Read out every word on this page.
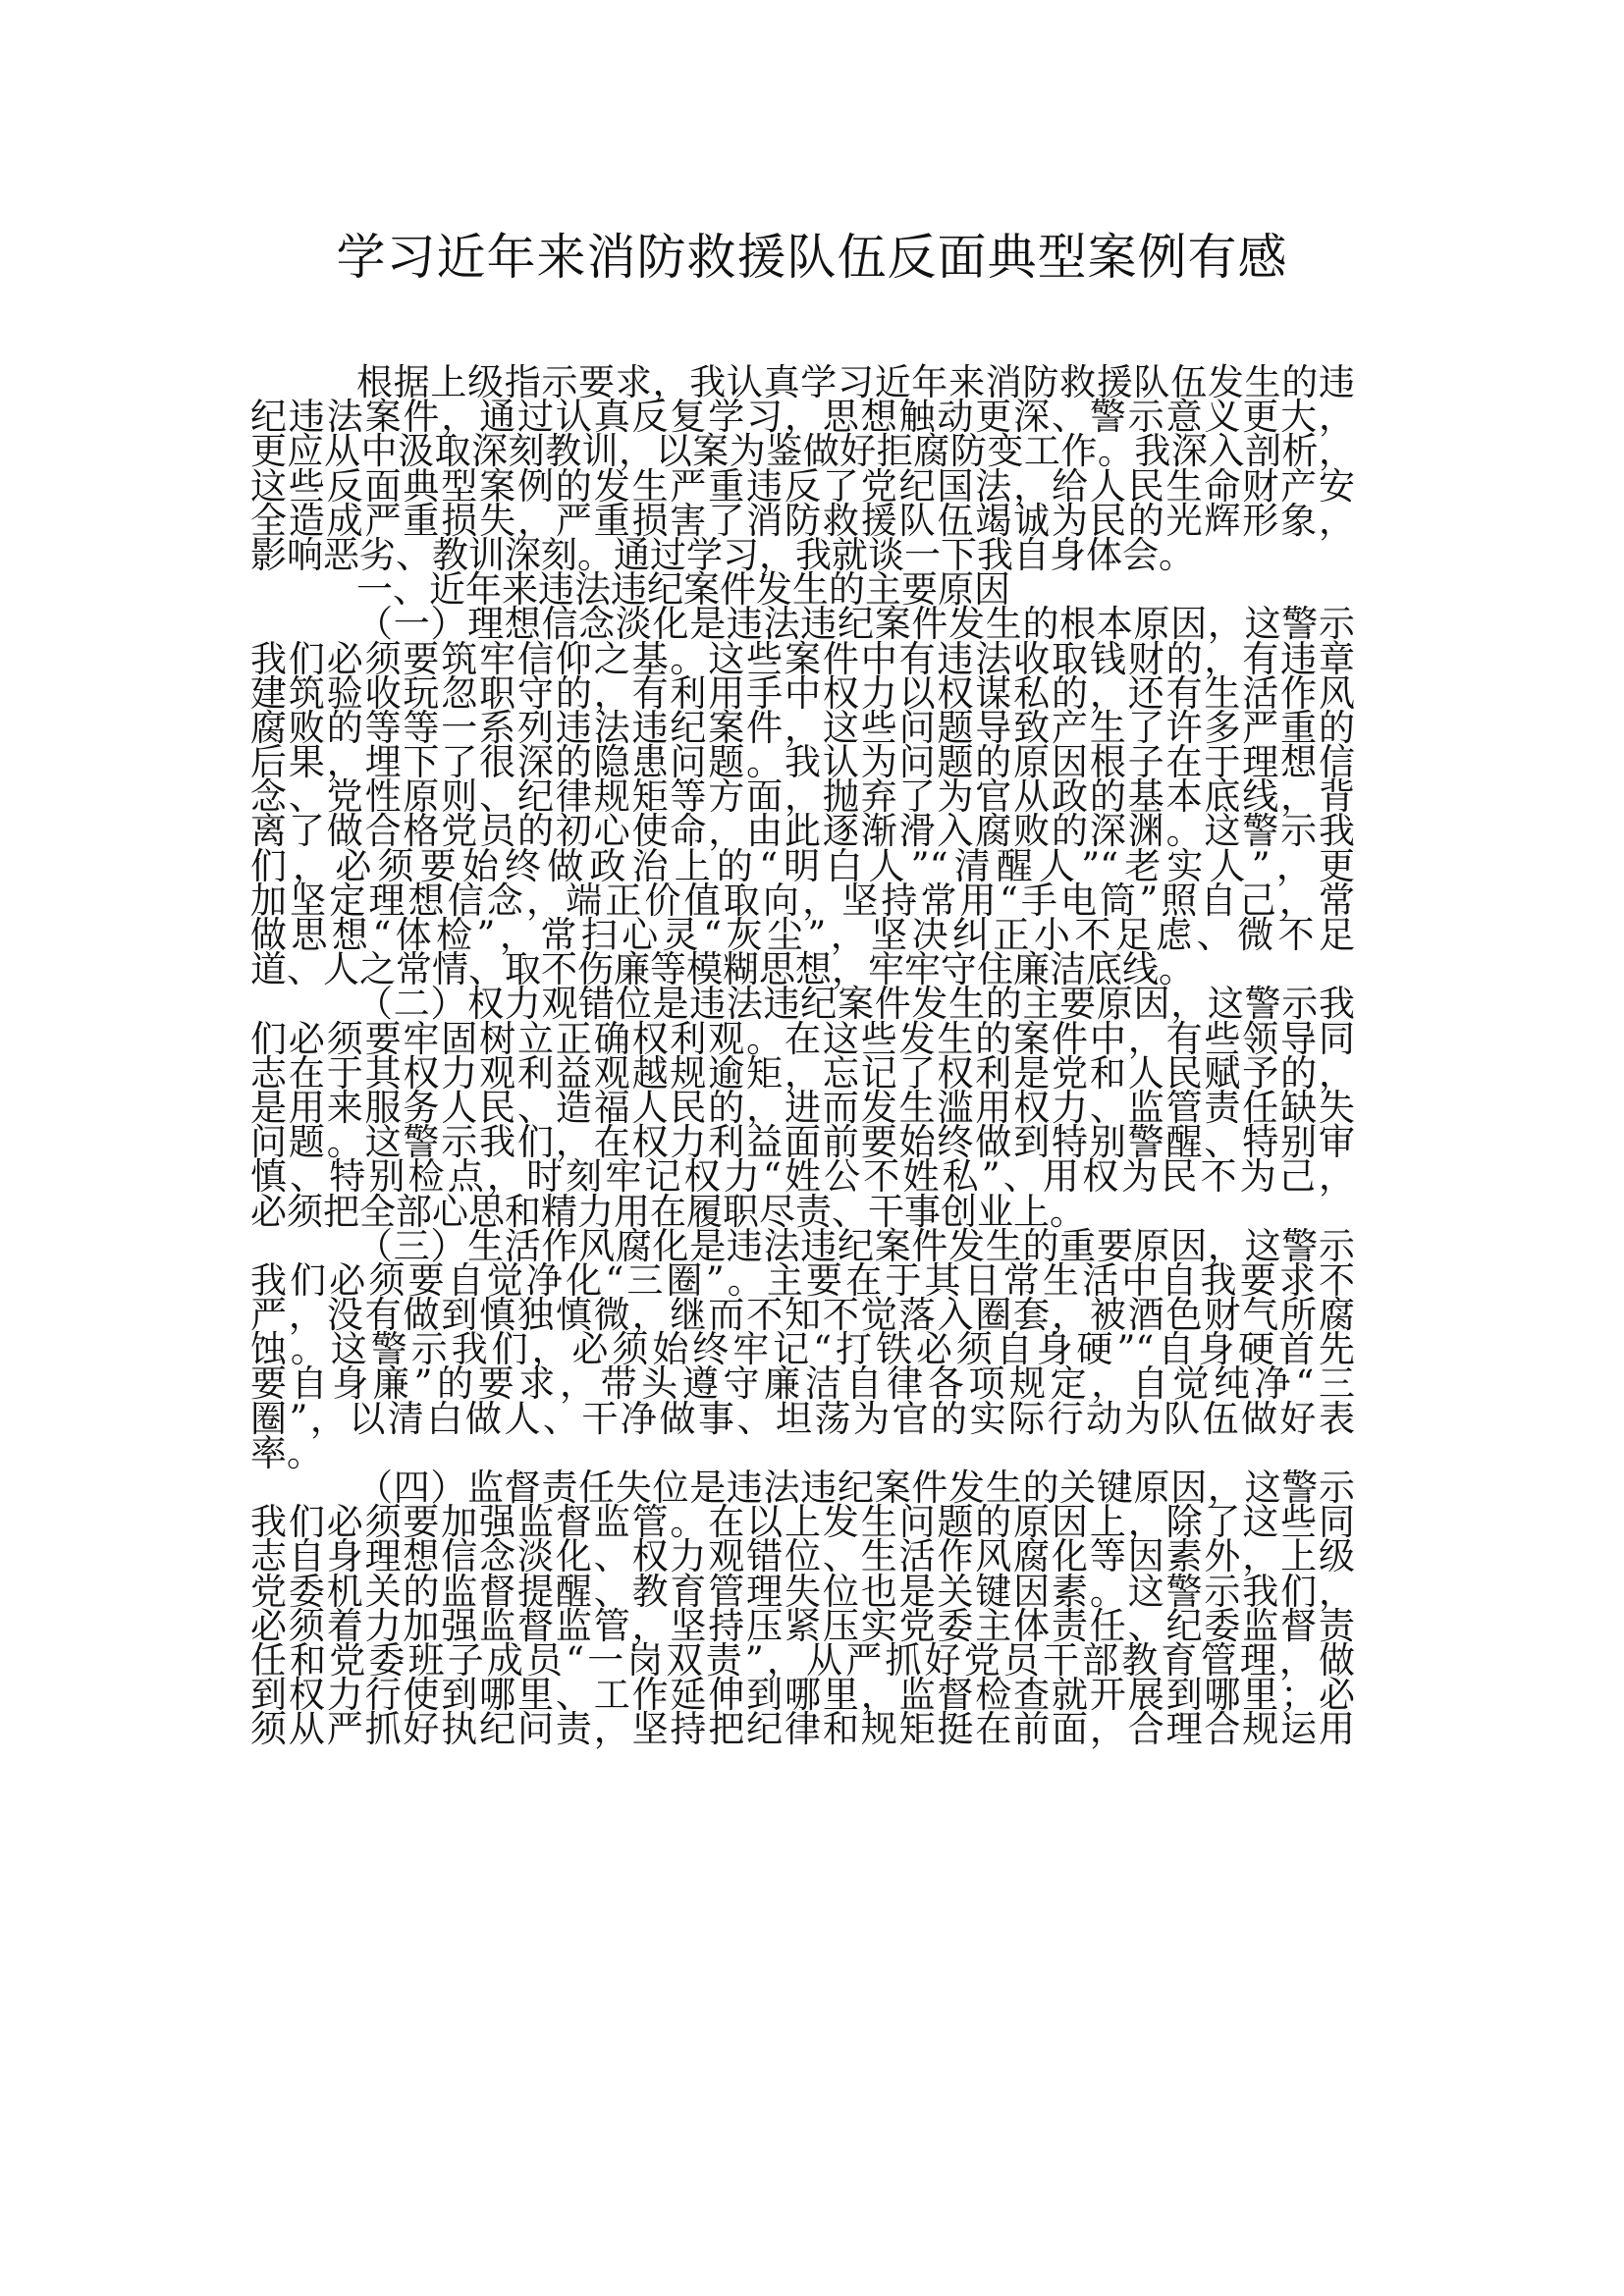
学习近年来消防救援队伍反面典型案例有感
根据上级指示要求，我认真学习近年来消防救援队伍发生的违
纪违法案件，通过认真反复学习，思想触动更深、警示意义更大，
更应从中汲取深刻教训，以案为鉴做好拒腐防变工作。我深入剖析，
这些反面典型案例的发生严重违反了党纪国法，给人民生命财产安
全造成严重损失，严重损害了消防救援队伍竭诚为民的光辉形象，
影响恶劣、教训深刻。通过学习，我就谈一下我自身体会。
一、近年来违法违纪案件发生的主要原因
（一）理想信念淡化是违法违纪案件发生的根本原因，这警示
我们必须要筑牢信仰之基。这些案件中有违法收取钱财的，有违章
建筑验收玩忽职守的，有利用手中权力以权谋私的，还有生活作风
腐败的等等一系列违法违纪案件，这些问题导致产生了许多严重的
后果，埋下了很深的隐患问题。我认为问题的原因根子在于理想信
念、党性原则、纪律规矩等方面，抛弃了为官从政的基本底线，背
离了做合格党员的初心使命，由此逐渐滑入腐败的深渊。这警示我
们，必须要始终做政治上的“明白人”“清醒人”“老实人”，更
加坚定理想信念，端正价值取向，坚持常用“手电筒”照自己，常
做思想“体检”，常扫心灵“灰尘”，坚决纠正小不足虑、微不足
道、人之常情、取不伤廉等模糊思想，牢牢守住廉洁底线。
（二）权力观错位是违法违纪案件发生的主要原因，这警示我
们必须要牢固树立正确权利观。在这些发生的案件中，有些领导同
志在于其权力观利益观越规逾矩，忘记了权利是党和人民赋予的，
是用来服务人民、造福人民的，进而发生滥用权力、监管责任缺失
问题。这警示我们，在权力利益面前要始终做到特别警醒、特别审
慎、特别检点，时刻牢记权力“姓公不姓私”、用权为民不为己，
必须把全部心思和精力用在履职尽责、干事创业上。
（三）生活作风腐化是违法违纪案件发生的重要原因，这警示
我们必须要自觉净化“三圈”。主要在于其日常生活中自我要求不
严，没有做到慎独慎微，继而不知不觉落入圈套，被酒色财气所腐
蚀。这警示我们，必须始终牢记“打铁必须自身硬”“自身硬首先
要自身廉”的要求，带头遵守廉洁自律各项规定，自觉纯净“三
圈”，以清白做人、干净做事、坦荡为官的实际行动为队伍做好表
率。
（四）监督责任失位是违法违纪案件发生的关键原因，这警示
我们必须要加强监督监管。在以上发生问题的原因上，除了这些同
志自身理想信念淡化、权力观错位、生活作风腐化等因素外，上级
党委机关的监督提醒、教育管理失位也是关键因素。这警示我们，
必须着力加强监督监管，坚持压紧压实党委主体责任、纪委监督责
任和党委班子成员“一岗双责”，从严抓好党员干部教育管理，做
到权力行使到哪里、工作延伸到哪里，监督检查就开展到哪里；必
须从严抓好执纪问责，坚持把纪律和规矩挺在前面，合理合规运用
